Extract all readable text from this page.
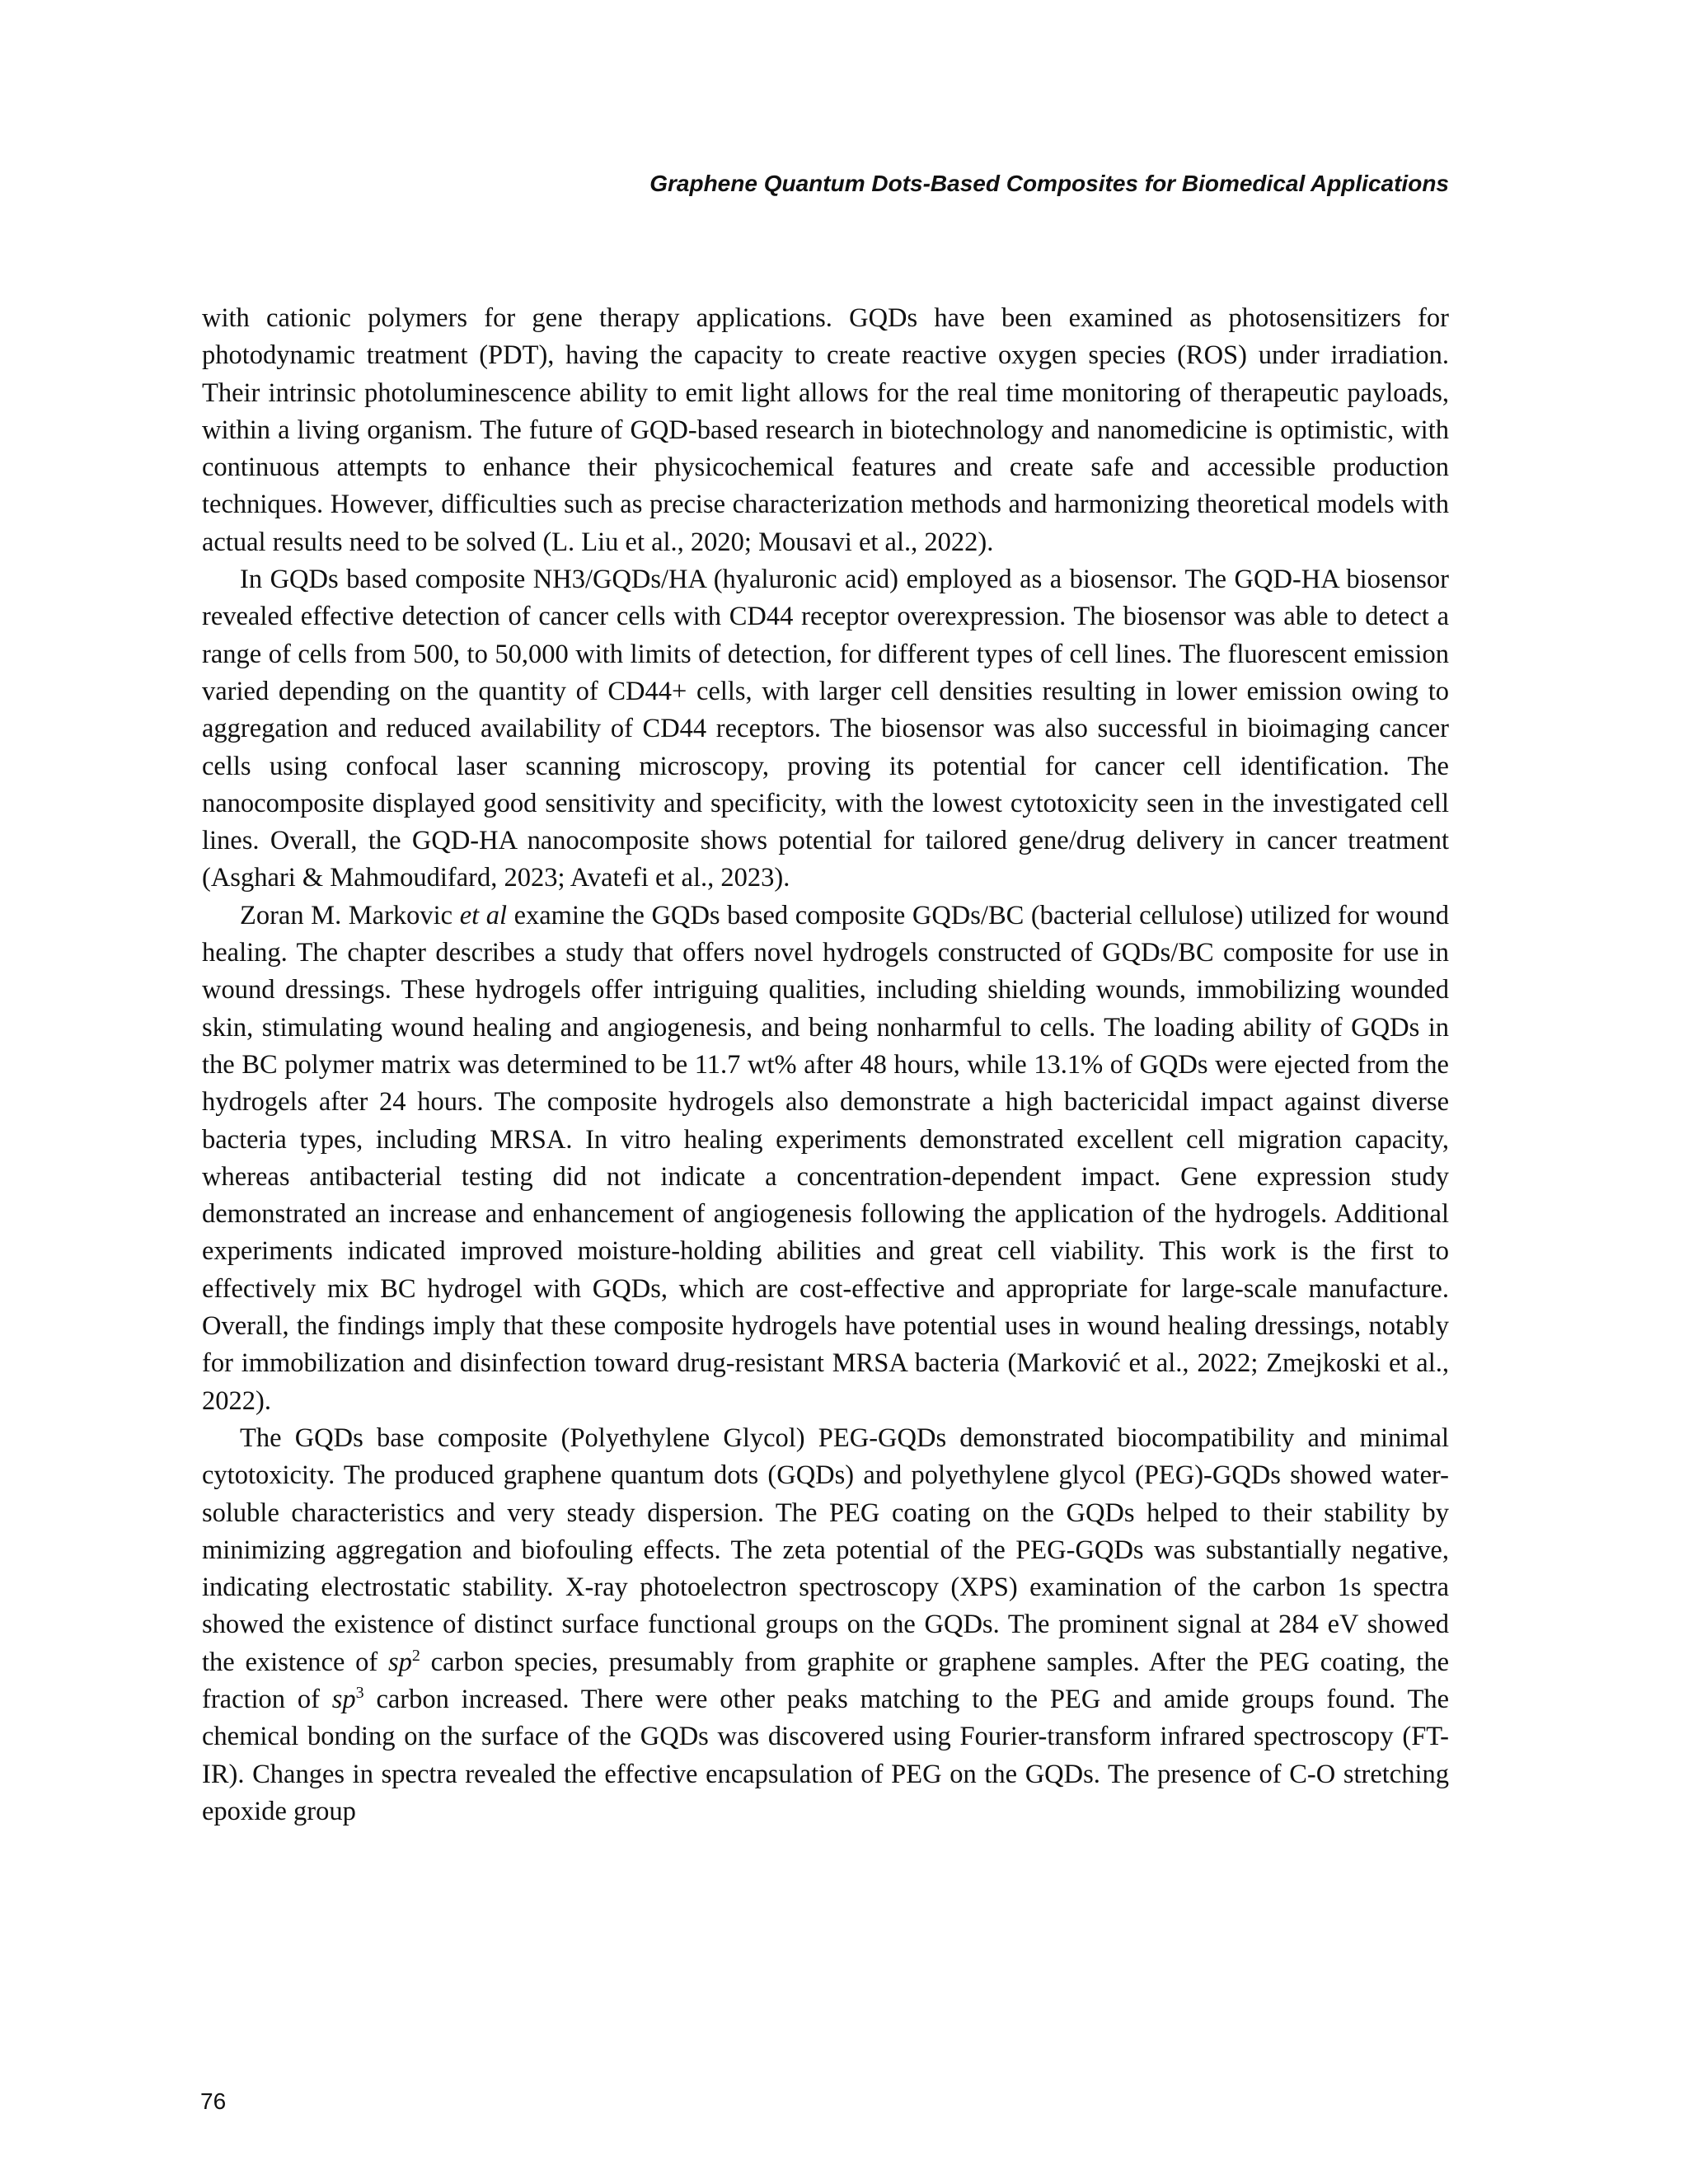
Graphene Quantum Dots-Based Composites for Biomedical Applications

with cationic polymers for gene therapy applications. GQDs have been examined as photosensitizers for photodynamic treatment (PDT), having the capacity to create reactive oxygen species (ROS) under irradiation. Their intrinsic photoluminescence ability to emit light allows for the real time monitoring of therapeutic payloads, within a living organism. The future of GQD-based research in biotechnology and nanomedicine is optimistic, with continuous attempts to enhance their physicochemical features and create safe and accessible production techniques. However, difficulties such as precise characterization methods and harmonizing theoretical models with actual results need to be solved (L. Liu et al., 2020; Mousavi et al., 2022).

In GQDs based composite NH3/GQDs/HA (hyaluronic acid) employed as a biosensor. The GQD-HA biosensor revealed effective detection of cancer cells with CD44 receptor overexpression. The biosensor was able to detect a range of cells from 500, to 50,000 with limits of detection, for different types of cell lines. The fluorescent emission varied depending on the quantity of CD44+ cells, with larger cell densities resulting in lower emission owing to aggregation and reduced availability of CD44 receptors. The biosensor was also successful in bioimaging cancer cells using confocal laser scanning microscopy, proving its potential for cancer cell identification. The nanocomposite displayed good sensitivity and specificity, with the lowest cytotoxicity seen in the investigated cell lines. Overall, the GQD-HA nanocomposite shows potential for tailored gene/drug delivery in cancer treatment (Asghari & Mahmoudifard, 2023; Avatefi et al., 2023).

Zoran M. Markovic et al examine the GQDs based composite GQDs/BC (bacterial cellulose) utilized for wound healing. The chapter describes a study that offers novel hydrogels constructed of GQDs/BC composite for use in wound dressings. These hydrogels offer intriguing qualities, including shielding wounds, immobilizing wounded skin, stimulating wound healing and angiogenesis, and being nonharmful to cells. The loading ability of GQDs in the BC polymer matrix was determined to be 11.7 wt% after 48 hours, while 13.1% of GQDs were ejected from the hydrogels after 24 hours. The composite hydrogels also demonstrate a high bactericidal impact against diverse bacteria types, including MRSA. In vitro healing experiments demonstrated excellent cell migration capacity, whereas antibacterial testing did not indicate a concentration-dependent impact. Gene expression study demonstrated an increase and enhancement of angiogenesis following the application of the hydrogels. Additional experiments indicated improved moisture-holding abilities and great cell viability. This work is the first to effectively mix BC hydrogel with GQDs, which are cost-effective and appropriate for large-scale manufacture. Overall, the findings imply that these composite hydrogels have potential uses in wound healing dressings, notably for immobilization and disinfection toward drug-resistant MRSA bacteria (Marković et al., 2022; Zmejkoski et al., 2022).

The GQDs base composite (Polyethylene Glycol) PEG-GQDs demonstrated biocompatibility and minimal cytotoxicity. The produced graphene quantum dots (GQDs) and polyethylene glycol (PEG)-GQDs showed water-soluble characteristics and very steady dispersion. The PEG coating on the GQDs helped to their stability by minimizing aggregation and biofouling effects. The zeta potential of the PEG-GQDs was substantially negative, indicating electrostatic stability. X-ray photoelectron spectroscopy (XPS) examination of the carbon 1s spectra showed the existence of distinct surface functional groups on the GQDs. The prominent signal at 284 eV showed the existence of $sp^2$ carbon species, presumably from graphite or graphene samples. After the PEG coating, the fraction of $sp^3$ carbon increased. There were other peaks matching to the PEG and amide groups found. The chemical bonding on the surface of the GQDs was discovered using Fourier-transform infrared spectroscopy (FT-IR). Changes in spectra revealed the effective encapsulation of PEG on the GQDs. The presence of C-O stretching epoxide group

76
